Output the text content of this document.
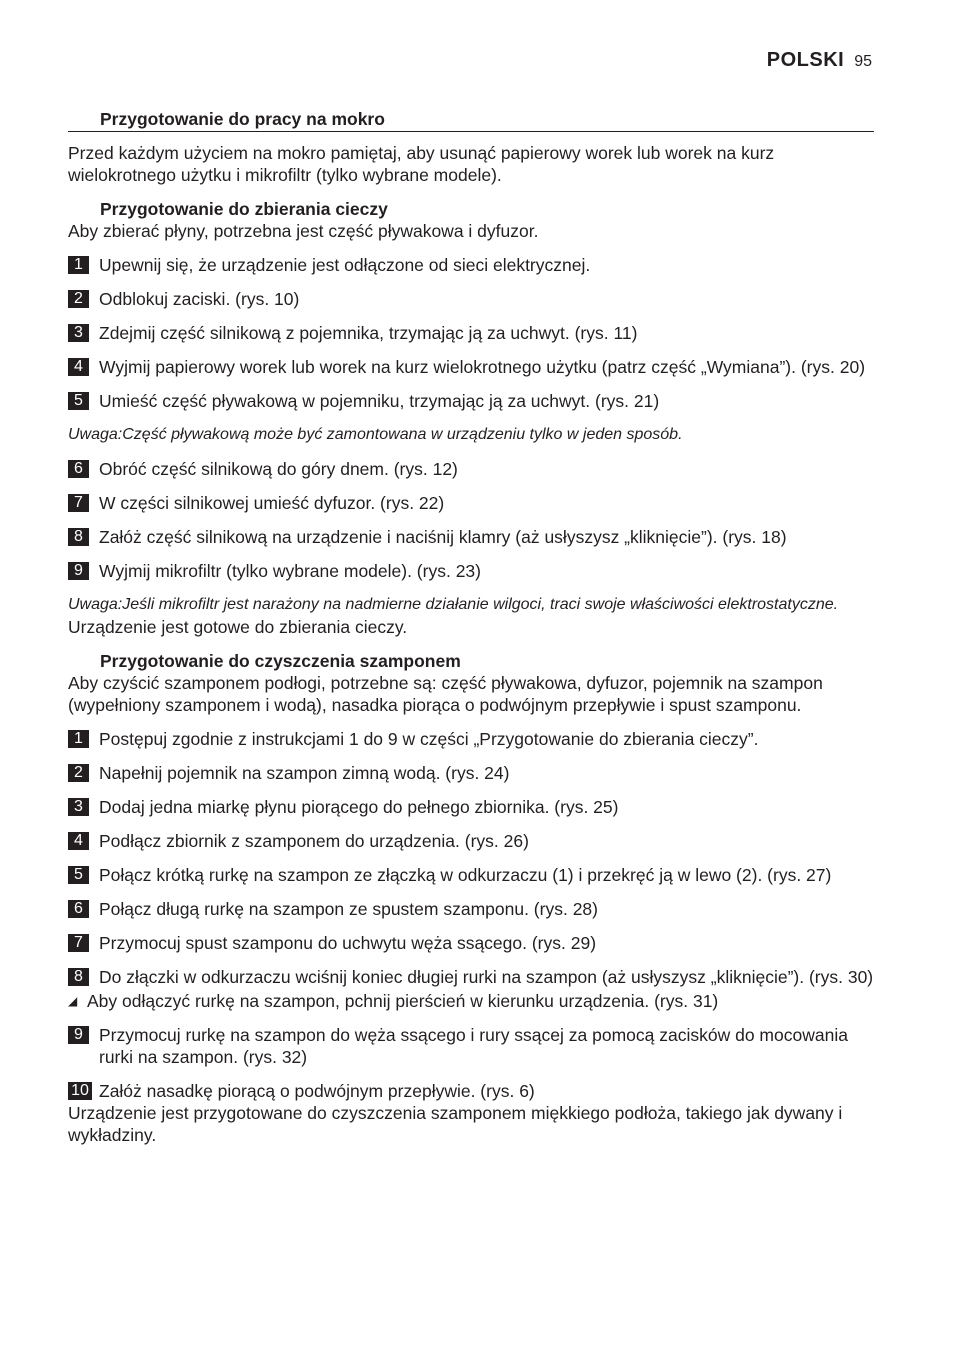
POLSKI 95
Przygotowanie do pracy na mokro

Przed każdym użyciem na mokro pamiętaj, aby usunąć papierowy worek lub worek na kurz wielokrotnego użytku i mikrofiltr (tylko wybrane modele).

Przygotowanie do zbierania cieczy

Aby zbierać płyny, potrzebna jest część pływakowa i dyfuzor.

1 Upewnij się, że urządzenie jest odłączone od sieci elektrycznej.
2 Odblokuj zaciski. (rys. 10)
3 Zdejmij część silnikową z pojemnika, trzymając ją za uchwyt. (rys. 11)
4 Wyjmij papierowy worek lub worek na kurz wielokrotnego użytku (patrz część „Wymiana”). (rys. 20)
5 Umieść część pływakową w pojemniku, trzymając ją za uchwyt. (rys. 21)
Uwaga:Część pływakową może być zamontowana w urządzeniu tylko w jeden sposób.
6 Obróć część silnikową do góry dnem. (rys. 12)
7 W części silnikowej umieść dyfuzor. (rys. 22)
8 Załóż część silnikową na urządzenie i naciśnij klamry (aż usłyszysz „kliknięcie”). (rys. 18)
9 Wyjmij mikrofiltr (tylko wybrane modele). (rys. 23)
Uwaga:Jeśli mikrofiltr jest narażony na nadmierne działanie wilgoci, traci swoje właściwości elektrostatyczne.

Urządzenie jest gotowe do zbierania cieczy.

Przygotowanie do czyszczenia szamponem

Aby czyścić szamponem podłogi, potrzebne są: część pływakowa, dyfuzor, pojemnik na szampon (wypełniony szamponem i wodą), nasadka piorąca o podwójnym przepływie i spust szamponu.

1 Postępuj zgodnie z instrukcjami 1 do 9 w części „Przygotowanie do zbierania cieczy”.
2 Napełnij pojemnik na szampon zimną wodą. (rys. 24)
3 Dodaj jedna miarkę płynu piorącego do pełnego zbiornika. (rys. 25)
4 Podłącz zbiornik z szamponem do urządzenia. (rys. 26)
5 Połącz krótką rurkę na szampon ze złączką w odkurzaczu (1) i przekręć ją w lewo (2). (rys. 27)
6 Połącz długą rurkę na szampon ze spustem szamponu. (rys. 28)
7 Przymocuj spust szamponu do uchwytu węża ssącego. (rys. 29)
8 Do złączki w odkurzaczu wciśnij koniec długiej rurki na szampon (aż usłyszysz „kliknięcie”). (rys. 30)
◢ Aby odłączyć rurkę na szampon, pchnij pierścień w kierunku urządzenia. (rys. 31)
9 Przymocuj rurkę na szampon do węża ssącego i rury ssącej za pomocą zacisków do mocowania rurki na szampon. (rys. 32)
10 Załóż nasadkę piorącą o podwójnym przepływie. (rys. 6)

Urządzenie jest przygotowane do czyszczenia szamponem miękkiego podłoża, takiego jak dywany i wykładziny.
